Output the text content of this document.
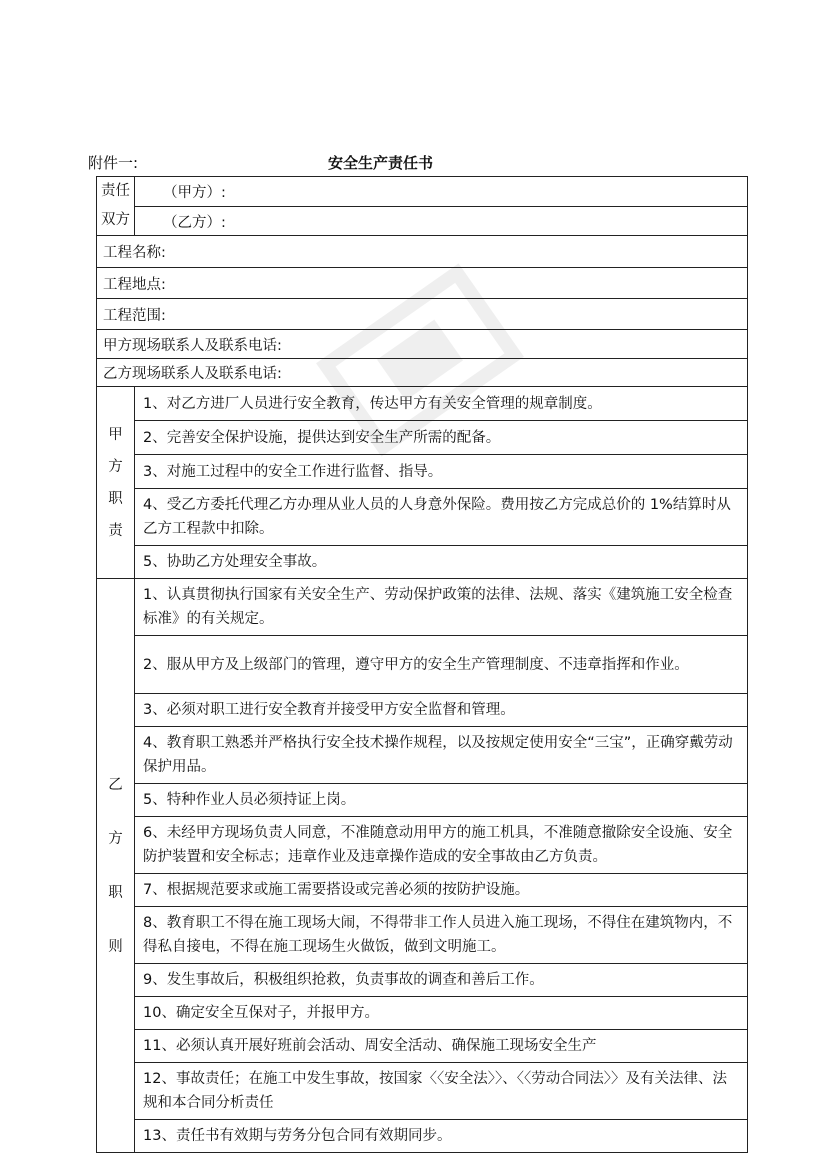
附件一:	安全生产责任书
责任
双方	（甲方）:
	（乙方）:
工程名称:	
工程地点:	
工程范围:	
甲方现场联系人及联系电话:	
乙方现场联系人及联系电话:	

甲
方
职
责	1、对乙方进厂人员进行安全教育，传达甲方有关安全管理的规章制度。
	2、完善安全保护设施，提供达到安全生产所需的配备。
	3、对施工过程中的安全工作进行监督、指导。
	4、受乙方委托代理乙方办理从业人员的人身意外保险。费用按乙方完成总价的 1%结算时从乙方工程款中扣除。
	5、协助乙方处理安全事故。

乙
方
职
则	1、认真贯彻执行国家有关安全生产、劳动保护政策的法律、法规、落实《建筑施工安全检查标准》的有关规定。
	2、服从甲方及上级部门的管理，遵守甲方的安全生产管理制度、不违章指挥和作业。
	3、必须对职工进行安全教育并接受甲方安全监督和管理。
	4、教育职工熟悉并严格执行安全技术操作规程，以及按规定使用安全“三宝”，正确穿戴劳动保护用品。
	5、特种作业人员必须持证上岗。
	6、未经甲方现场负责人同意，不准随意动用甲方的施工机具，不准随意撤除安全设施、安全防护装置和安全标志；违章作业及违章操作造成的安全事故由乙方负责。
	7、根据规范要求或施工需要搭设或完善必须的按防护设施。
	8、教育职工不得在施工现场大闹，不得带非工作人员进入施工现场，不得住在建筑物内，不得私自接电，不得在施工现场生火做饭，做到文明施工。
	9、发生事故后，积极组织抢救，负责事故的调查和善后工作。
	10、确定安全互保对子，并报甲方。
	11、必须认真开展好班前会活动、周安全活动、确保施工现场安全生产
	12、事故责任；在施工中发生事故，按国家〈〈安全法〉〉、〈〈劳动合同法〉〉及有关法律、法规和本合同分析责任
	13、责任书有效期与劳务分包合同有效期同步。
